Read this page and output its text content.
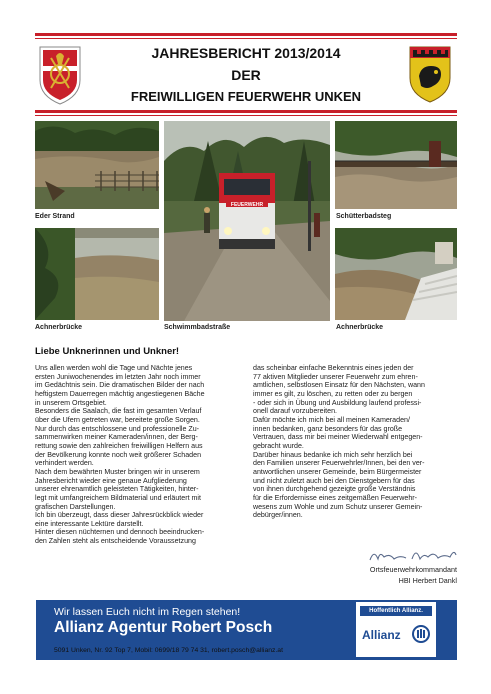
JAHRESBERICHT 2013/2014
DER
FREIWILLIGEN FEUERWEHR UNKEN
FEUERWEHR
Eder Strand	Schütterbadsteg
Achnerbrücke	Schwimmbadstraße	Achnerbrücke
Liebe Unknerinnen und Unkner!

Uns allen werden wohl die Tage und Nächte jenes

ersten Juniwochenendes im letzten Jahr noch immer

im Gedächtnis sein. Die dramatischen Bilder der nach

heftigstem Dauerregen mächtig angestiegenen Bäche

in unserem Ortsgebiet.

Besonders die Saalach, die fast im gesamten Verlauf

über die Ufern getreten war, bereitete große Sorgen.

Nur durch das entschlossene und professionelle Zu-

sammenwirken meiner Kameraden/innen, der Berg-

rettung sowie den zahlreichen freiwilligen Helfern aus

der Bevölkerung konnte noch weit größerer Schaden

verhindert werden.

Nach dem bewährten Muster bringen wir in unserem

Jahresbericht wieder eine genaue Aufgliederung

unserer ehrenamtlich geleisteten Tätigkeiten, hinter-

legt mit umfangreichem Bildmaterial und erläutert mit

grafischen Darstellungen.

Ich bin überzeugt, dass dieser Jahresrückblick wieder

eine interessante Lektüre darstellt.

Hinter diesen nüchternen und dennoch beeindrucken-

den Zahlen steht als entscheidende Voraussetzung

das scheinbar einfache Bekenntnis eines jeden der

77 aktiven Mitglieder unserer Feuerwehr zum ehren-

amtlichen, selbstlosen Einsatz für den Nächsten, wann

immer es gilt, zu löschen, zu retten oder zu bergen

- oder sich in Übung und Ausbildung laufend professi-

onell darauf vorzubereiten.

Dafür möchte ich mich bei all meinen Kameraden/

innen bedanken, ganz besonders für das große

Vertrauen, dass mir bei meiner Wiederwahl entgegen-

gebracht wurde.

Darüber hinaus bedanke ich mich sehr herzlich bei

den Familien unserer Feuerwehrler/Innen, bei den ver-

antwortlichen unserer Gemeinde, beim Bürgermeister

und nicht zuletzt auch bei den Dienstgebern für das

von ihnen durchgehend gezeigte große Verständnis

für die Erfordernisse eines zeitgemäßen Feuerwehr-

wesens zum Wohle und zum Schutz unserer Gemein-

debürger/innen.

Ortsfeuerwehrkommandant
HBI Herbert Dankl
Wir lassen Euch nicht im Regen stehen!
Allianz Agentur Robert Posch
Hoffentlich Allianz.
Allianz
5091 Unken, Nr. 92 Top 7, Mobil: 0699/18 79 74 31, robert.posch@allianz.at
